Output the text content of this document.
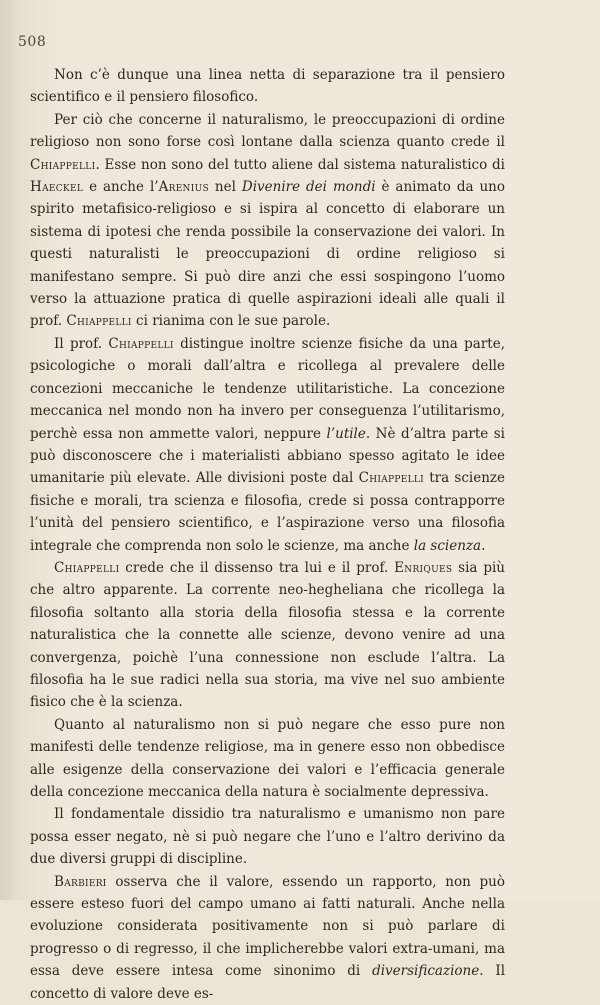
508

Non c’è dunque una linea netta di separazione tra il pensiero scientifico e il pensiero filosofico.

Per ciò che concerne il naturalismo, le preoccupazioni di ordine religioso non sono forse così lontane dalla scienza quanto crede il Chiappelli. Esse non sono del tutto aliene dal sistema naturalistico di Haeckel e anche l’Arenius nel Divenire dei mondi è animato da uno spirito metafisico-religioso e si ispira al concetto di elaborare un sistema di ipotesi che renda possibile la conservazione dei valori. In questi naturalisti le preoccupazioni di ordine religioso si manifestano sempre. Si può dire anzi che essi sospingono l’uomo verso la attuazione pratica di quelle aspirazioni ideali alle quali il prof. Chiappelli ci rianima con le sue parole.

Il prof. Chiappelli distingue inoltre scienze fisiche da una parte, psicologiche o morali dall’altra e ricollega al prevalere delle concezioni meccaniche le tendenze utilitaristiche. La concezione meccanica nel mondo non ha invero per conseguenza l’utilitarismo, perchè essa non ammette valori, neppure l’utile. Nè d’altra parte si può disconoscere che i materialisti abbiano spesso agitato le idee umanitarie più elevate. Alle divisioni poste dal Chiappelli tra scienze fisiche e morali, tra scienza e filosofia, crede si possa contrapporre l’unità del pensiero scientifico, e l’aspirazione verso una filosofia integrale che comprenda non solo le scienze, ma anche la scienza.

Chiappelli crede che il dissenso tra lui e il prof. Enriques sia più che altro apparente. La corrente neo-hegheliana che ricollega la filosofia soltanto alla storia della filosofia stessa e la corrente naturalistica che la connette alle scienze, devono venire ad una convergenza, poichè l’una connessione non esclude l’altra. La filosofia ha le sue radici nella sua storia, ma vive nel suo ambiente fisico che è la scienza.

Quanto al naturalismo non si può negare che esso pure non manifesti delle tendenze religiose, ma in genere esso non obbedisce alle esigenze della conservazione dei valori e l’efficacia generale della concezione meccanica della natura è socialmente depressiva.

Il fondamentale dissidio tra naturalismo e umanismo non pare possa esser negato, nè si può negare che l’uno e l’altro derivino da due diversi gruppi di discipline.

Barbieri osserva che il valore, essendo un rapporto, non può essere esteso fuori del campo umano ai fatti naturali. Anche nella evoluzione considerata positivamente non si può parlare di progresso o di regresso, il che implicherebbe valori extra-umani, ma essa deve essere intesa come sinonimo di diversificazione. Il concetto di valore deve es-
